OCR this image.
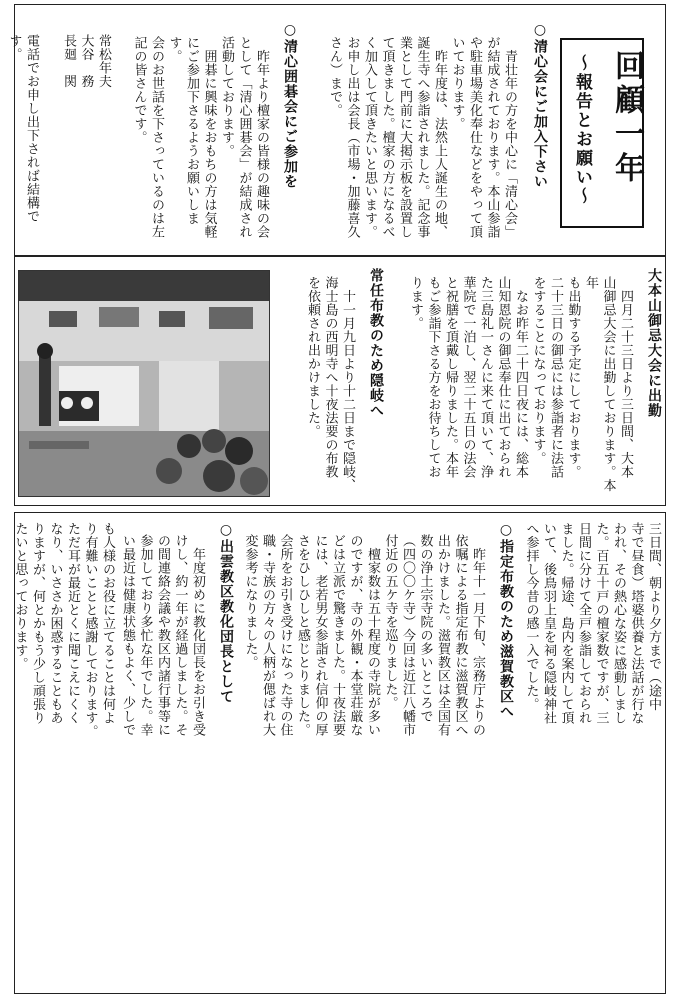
回顧一年
～報告とお願い～
○清心会にご加入下さい
　青壮年の方を中心に「清心会」
が結成されております。本山参詣
や駐車場美化奉仕などをやって頂
いております。
　昨年度は、法然上人誕生の地、
誕生寺へ参詣されました。記念事
業として門前に大掲示板を設置し
て頂きました。檀家の方になるべ
く加入して頂きたいと思います。
お申し出は会長（市場・加藤喜久
さん）まで。
○清心囲碁会にご参加を
　昨年より檀家の皆様の趣味の会
として「清心囲碁会」が結成され
活動しております。
　囲碁に興味をおもちの方は気軽
にご参加下さるようお願いします。
会のお世話を下さっているのは左
記の皆さんです。
常松年夫
大谷　務
長廻　関
電話でお申し出下されば結構です。
大本山御忌大会に出勤
　四月二十三日より三日間、大本
山御忌大会に出勤しております。本年
も出勤する予定にしております。
二十三日の御忌には参詣者に法話
をすることになっております。
　なお昨年二十四日夜には、総本
山知恩院の御忌奉仕に出ておられ
た三島礼一さんに来て頂いて、浄
華院で一泊し、翌二十五日の法会
と祝膳を頂戴し帰りました。本年
もご参詣下さる方をお待ちしてお
ります。
常任布教のため隠岐へ
　十一月九日より十二日まで隠岐、
海士島の西明寺へ十夜法要の布教
を依頼され出かけました。
三日間、朝より夕方まで（途中
寺で昼食）塔婆供養と法話が行な
われ、その熱心な姿に感動しまし
た。百五十戸の檀家数ですが、三
日間に分けて全戸参詣しておられ
ました。帰途、島内を案内して頂
いて、後鳥羽上皇を祠る隠岐神社
へ参拝し今昔の感一入でした。
○指定布教のため滋賀教区へ
　昨年十一月下旬、宗務庁よりの
依嘱による指定布教に滋賀教区へ
出かけました。滋賀教区は全国有
数の浄土宗寺院の多いところで
（四〇〇ケ寺）今回は近江八幡市
付近の五ケ寺を巡りました。
　檀家数は五十程度の寺院が多い
のですが、寺の外観・本堂荘厳な
どは立派で驚きました。十夜法要
には、老若男女参詣され信仰の厚
さをひしひしと感じとりました。
会所をお引き受けになった寺の住
職・寺族の方々の人柄が偲ばれ大
変参考になりました。
○出雲教区教化団長として
　年度初めに教化団長をお引き受
けし、約一年が経過しました。そ
の間連絡会議や教区内諸行事等に
参加しており多忙な年でした。幸
い最近は健康状態もよく、少しで
も人様のお役に立てることは何よ
り有難いことと感謝しております。
ただ耳が最近とくに聞こえにくく
なり、いささか困惑することもあ
りますが、何とかもう少し頑張り
たいと思っております。
